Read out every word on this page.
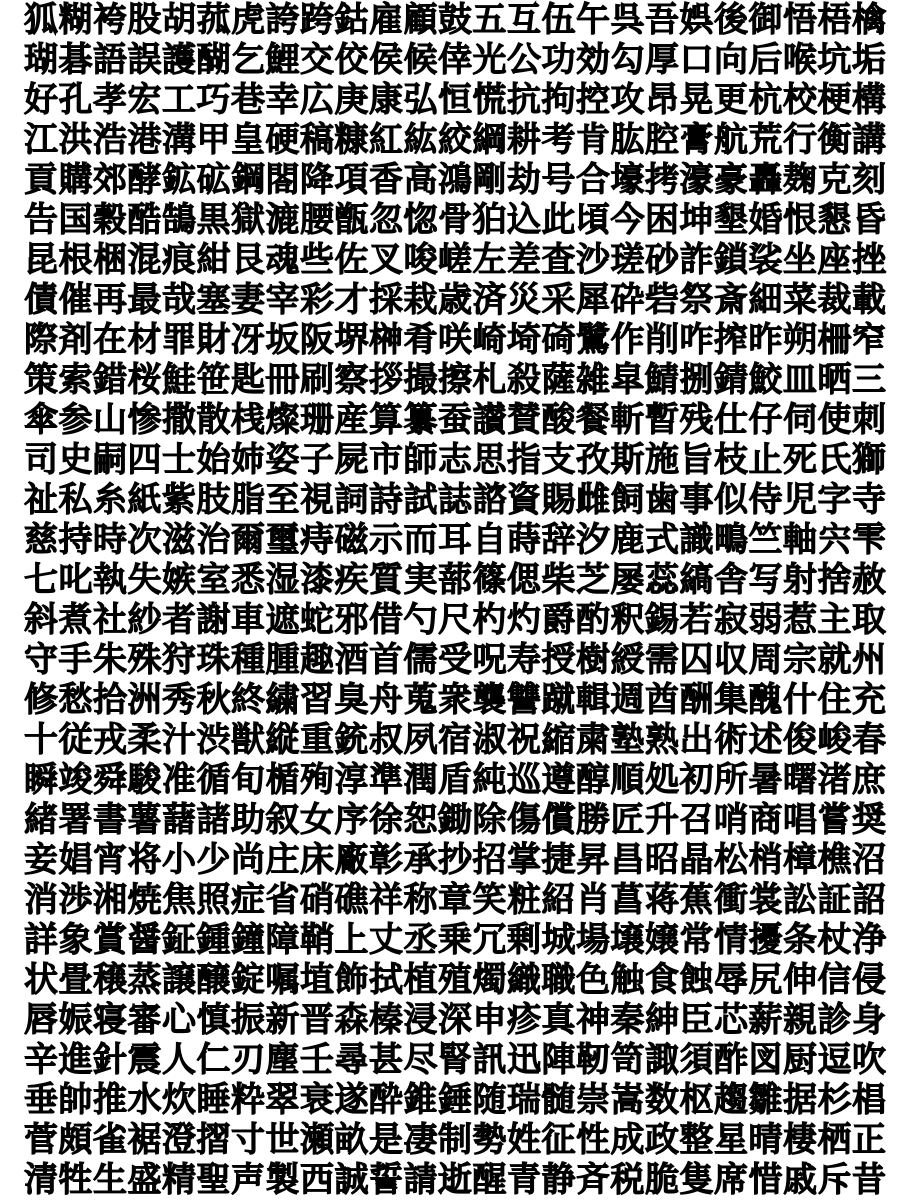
狐 糊 袴 股 胡 菰 虎 誇 跨 鈷 雇 顧 鼓 五 互 伍 午 呉 吾 娯 後 御 悟 梧 檎
瑚 碁 語 誤 護 醐 乞 鯉 交 佼 侯 候 倖 光 公 功 効 勾 厚 口 向 后 喉 坑 垢
好 孔 孝 宏 工 巧 巷 幸 広 庚 康 弘 恒 慌 抗 拘 控 攻 昂 晃 更 杭 校 梗 構
江 洪 浩 港 溝 甲 皇 硬 稿 糠 紅 紘 絞 綱 耕 考 肯 肱 腔 膏 航 荒 行 衡 講
貢 購 郊 酵 鉱 砿 鋼 閤 降 項 香 高 鴻 剛 劫 号 合 壕 拷 濠 豪 轟 麹 克 刻
告 国 穀 酷 鵠 黒 獄 漉 腰 甑 忽 惚 骨 狛 込 此 頃 今 困 坤 墾 婚 恨 懇 昏
昆 根 梱 混 痕 紺 艮 魂 些 佐 叉 唆 嵯 左 差 査 沙 瑳 砂 詐 鎖 裟 坐 座 挫
債 催 再 最 哉 塞 妻 宰 彩 才 採 栽 歳 済 災 采 犀 砕 砦 祭 斎 細 菜 裁 載
際 剤 在 材 罪 財 冴 坂 阪 堺 榊 肴 咲 崎 埼 碕 鷺 作 削 咋 搾 昨 朔 柵 窄
策 索 錯 桜 鮭 笹 匙 冊 刷 察 拶 撮 擦 札 殺 薩 雑 皐 鯖 捌 錆 鮫 皿 晒 三
傘 参 山 惨 撒 散 桟 燦 珊 産 算 纂 蚕 讃 賛 酸 餐 斬 暫 残 仕 仔 伺 使 刺
司 史 嗣 四 士 始 姉 姿 子 屍 市 師 志 思 指 支 孜 斯 施 旨 枝 止 死 氏 獅
祉 私 糸 紙 紫 肢 脂 至 視 詞 詩 試 誌 諮 資 賜 雌 飼 歯 事 似 侍 児 字 寺
慈 持 時 次 滋 治 爾 璽 痔 磁 示 而 耳 自 蒔 辞 汐 鹿 式 識 鴫 竺 軸 宍 雫
七 叱 執 失 嫉 室 悉 湿 漆 疾 質 実 蔀 篠 偲 柴 芝 屡 蕊 縞 舎 写 射 捨 赦
斜 煮 社 紗 者 謝 車 遮 蛇 邪 借 勺 尺 杓 灼 爵 酌 釈 錫 若 寂 弱 惹 主 取
守 手 朱 殊 狩 珠 種 腫 趣 酒 首 儒 受 呪 寿 授 樹 綬 需 囚 収 周 宗 就 州
修 愁 拾 洲 秀 秋 終 繍 習 臭 舟 蒐 衆 襲 讐 蹴 輯 週 酋 酬 集 醜 什 住 充
十 従 戎 柔 汁 渋 獣 縦 重 銃 叔 夙 宿 淑 祝 縮 粛 塾 熟 出 術 述 俊 峻 春
瞬 竣 舜 駿 准 循 旬 楯 殉 淳 準 潤 盾 純 巡 遵 醇 順 処 初 所 暑 曙 渚 庶
緒 署 書 薯 藷 諸 助 叙 女 序 徐 恕 鋤 除 傷 償 勝 匠 升 召 哨 商 唱 嘗 奨
妾 娼 宵 将 小 少 尚 庄 床 廠 彰 承 抄 招 掌 捷 昇 昌 昭 晶 松 梢 樟 樵 沼
消 渉 湘 焼 焦 照 症 省 硝 礁 祥 称 章 笑 粧 紹 肖 菖 蒋 蕉 衝 裳 訟 証 詔
詳 象 賞 醤 鉦 鍾 鐘 障 鞘 上 丈 丞 乗 冗 剰 城 場 壌 嬢 常 情 擾 条 杖 浄
状 畳 穣 蒸 譲 醸 錠 嘱 埴 飾 拭 植 殖 燭 織 職 色 触 食 蝕 辱 尻 伸 信 侵
唇 娠 寝 審 心 慎 振 新 晋 森 榛 浸 深 申 疹 真 神 秦 紳 臣 芯 薪 親 診 身
辛 進 針 震 人 仁 刃 塵 壬 尋 甚 尽 腎 訊 迅 陣 靭 笥 諏 須 酢 図 厨 逗 吹
垂 帥 推 水 炊 睡 粋 翠 衰 遂 酔 錐 錘 随 瑞 髄 崇 嵩 数 枢 趨 雛 据 杉 椙
菅 頗 雀 裾 澄 摺 寸 世 瀬 畝 是 凄 制 勢 姓 征 性 成 政 整 星 晴 棲 栖 正
清 牲 生 盛 精 聖 声 製 西 誠 誓 請 逝 醒 青 静 斉 税 脆 隻 席 惜 戚 斥 昔
